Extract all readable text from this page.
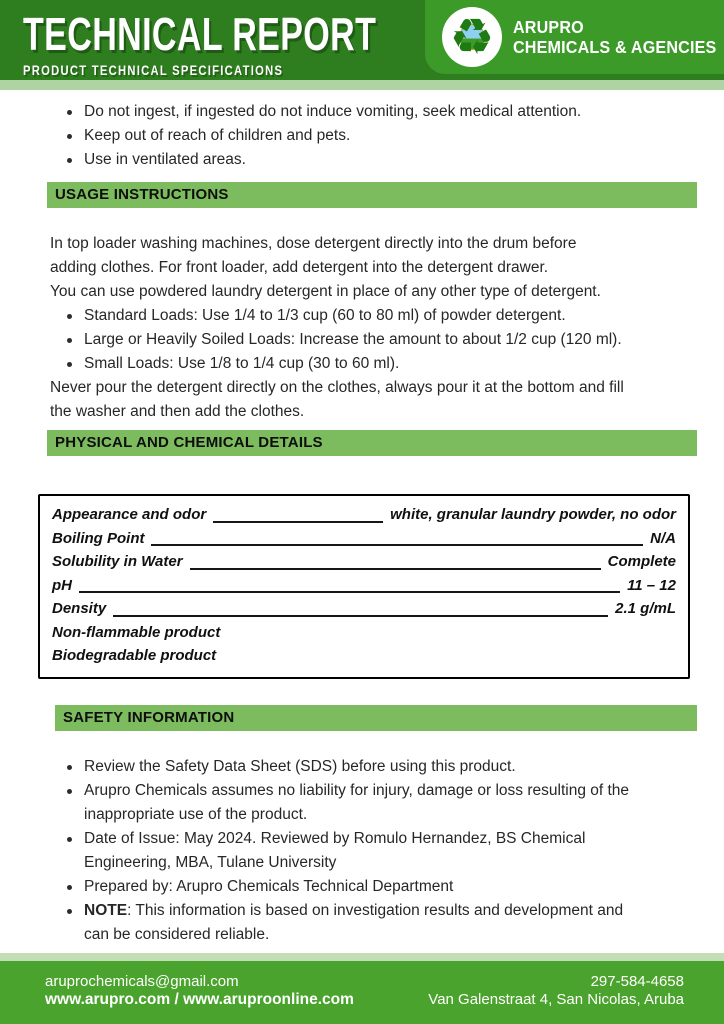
TECHNICAL REPORT
PRODUCT TECHNICAL SPECIFICATIONS
♻ ARUPRO
CHEMICALS & AGENCIES
Do not ingest, if ingested do not induce vomiting, seek medical attention.
Keep out of reach of children and pets.
Use in ventilated areas.
USAGE INSTRUCTIONS

In top loader washing machines, dose detergent directly into the drum before adding clothes. For front loader, add detergent into the detergent drawer.

You can use powdered laundry detergent in place of any other type of detergent.

Standard Loads: Use 1/4 to 1/3 cup (60 to 80 ml) of powder detergent.
Large or Heavily Soiled Loads: Increase the amount to about 1/2 cup (120 ml).
Small Loads: Use 1/8 to 1/4 cup (30 to 60 ml).

Never pour the detergent directly on the clothes, always pour it at the bottom and fill the washer and then add the clothes.

PHYSICAL AND CHEMICAL DETAILS
Appearance and odor	white, granular laundry powder, no odor
Boiling Point	N/A
Solubility in Water	Complete
pH	11 – 12
Density	2.1 g/mL
Non-flammable product
Biodegradable product
SAFETY INFORMATION
Review the Safety Data Sheet (SDS) before using this product.
Arupro Chemicals assumes no liability for injury, damage or loss resulting of the inappropriate use of the product.
Date of Issue: May 2024. Reviewed by Romulo Hernandez, BS Chemical Engineering, MBA, Tulane University
Prepared by: Arupro Chemicals Technical Department
NOTE: This information is based on investigation results and development and can be considered reliable.
aruprochemicals@gmail.com
www.arupro.com / www.aruproonline.com
297-584-4658
Van Galenstraat 4, San Nicolas, Aruba
